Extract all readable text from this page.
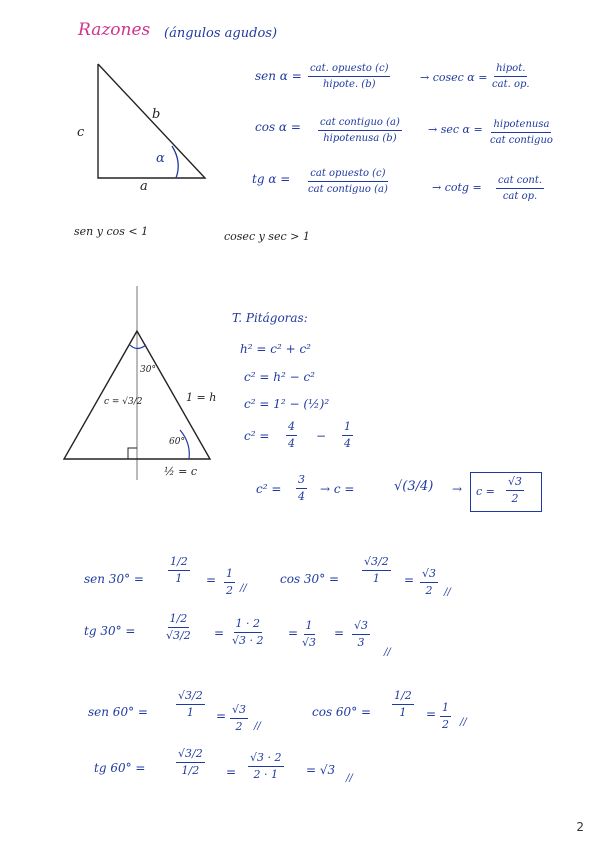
Razones (ángulos agudos)
b
c
a
α
sen α =
cat. opuesto (c)
hipote. (b)
→ cosec α =
hipot.
cat. op.
cos α = cat contiguo (a)
hipotenusa (b)
→ sec α = hipotenusa
cat contiguo
tg α = cat opuesto (c)
cat contiguo (a)	→ cotg =
cat cont.
cat op.
sen y cos < 1	cosec y sec > 1
30°
1 = h
c = √3/2
60°
½ = c
T. Pitágoras:
h² = c² + c²
c² = h² − c²
c² = 1² − (½)²
$c^2 = \frac{4}{4} - \frac{1}{4}$
$c^2 = \frac{3}{4} \to c$ =	$√(3/4) \to c = \frac{√3}{2}$
sen $30^\circ = \frac{1/2}{1} = \frac{1}{2}$ //
$\cos 30^\circ = \frac{√3/2}{1} = \frac{√3}{2}$ //
tg 30° =	$\frac{1/2}{√3/2} = \frac{1 \cdot 2}{√3 \cdot 2} = \frac{1}{√3} = \frac{√3}{3}$
//
sen 60° =	$\frac{√3/2}{1} = \frac{√3}{2}$ //
$\cos 60^\circ = \frac{1/2}{1} = \frac{1}{2}$ //
tg 60° =	$\frac{√3/2}{1/2} = \frac{√3 \cdot 2}{2 \cdot 1} = √3$
//
2
